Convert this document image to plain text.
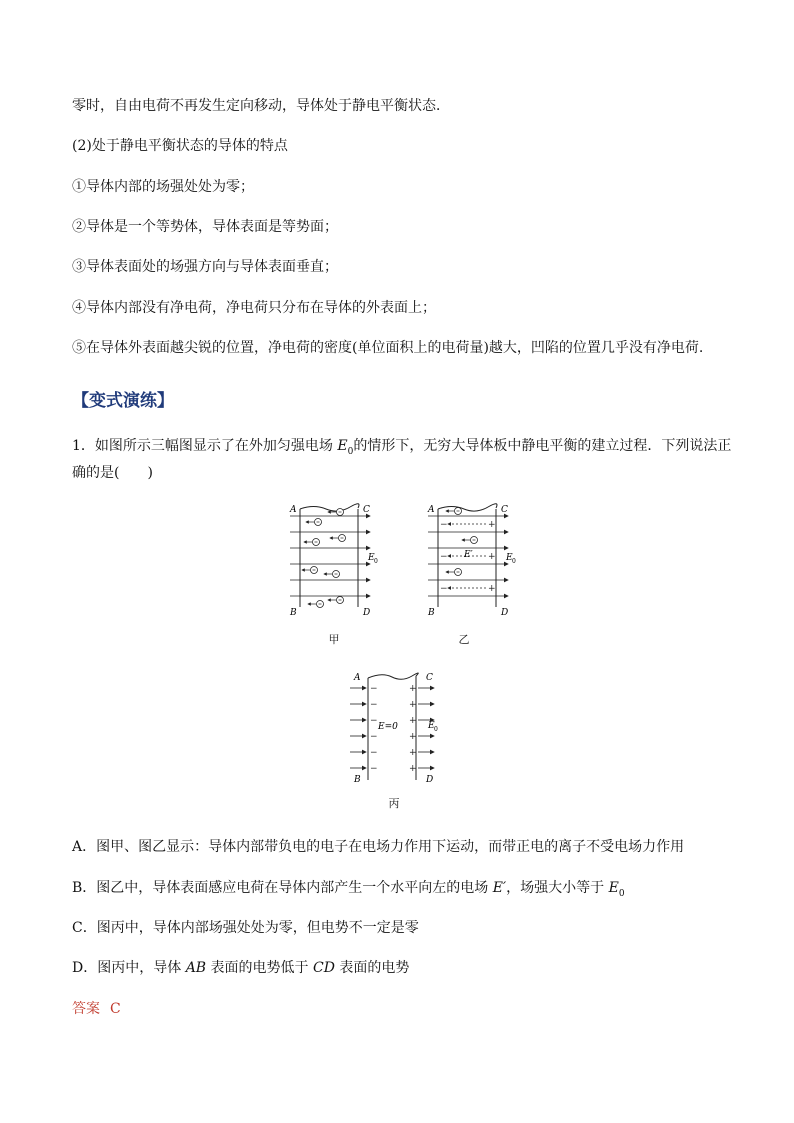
零时，自由电荷不再发生定向移动，导体处于静电平衡状态．
(2)处于静电平衡状态的导体的特点
①导体内部的场强处处为零；
②导体是一个等势体，导体表面是等势面；
③导体表面处的场强方向与导体表面垂直；
④导体内部没有净电荷，净电荷只分布在导体的外表面上；
⑤在导体外表面越尖锐的位置，净电荷的密度(单位面积上的电荷量)越大，凹陷的位置几乎没有净电荷.
【变式演练】
1．如图所示三幅图显示了在外加匀强电场 $E_0$的情形下，无穷大导体板中静电平衡的建立过程．下列说法正
确的是(　　)
A
B
C
D
E 0
甲
A
B
C
D
E 0
E′
−	+
−	+
−	+
乙
A
B
C
D
E 0
E=0
−	+
−	+
−	+
−	+
−	+
−	+
丙
A．图甲、图乙显示：导体内部带负电的电子在电场力作用下运动，而带正电的离子不受电场力作用
B．图乙中，导体表面感应电荷在导体内部产生一个水平向左的电场 E′，场强大小等于 $E_0$
C．图丙中，导体内部场强处处为零，但电势不一定是零
D．图丙中，导体 AB 表面的电势低于 CD 表面的电势
答案 C
